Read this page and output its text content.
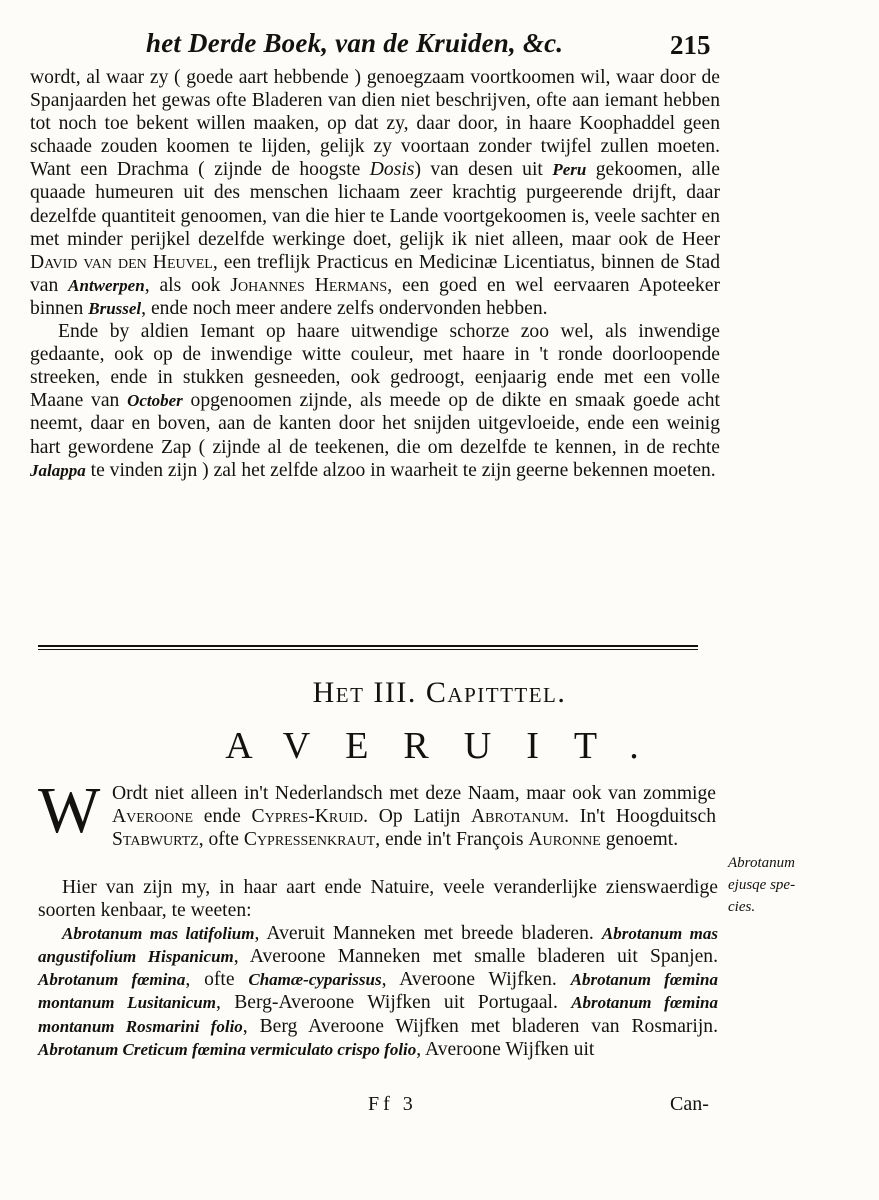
het Derde Boek, van de Kruiden, &c.	215

wordt, al waar zy ( goede aart hebbende ) genoegzaam voortkoomen wil, waar door de Spanjaarden het gewas ofte Bladeren van dien niet beschrijven, ofte aan iemant hebben tot noch toe bekent willen maaken, op dat zy, daar door, in haare Koophaddel geen schaade zouden koomen te lijden, gelijk zy voortaan zonder twijfel zullen moeten. Want een Drachma ( zijnde de hoogste Dosis) van desen uit Peru gekoomen, alle quaade humeuren uit des menschen lichaam zeer krachtig purgeerende drijft, daar dezelfde quantiteit genoomen, van die hier te Lande voortgekoomen is, veele sachter en met minder perijkel dezelfde werkinge doet, gelijk ik niet alleen, maar ook de Heer David van den Heuvel, een treflijk Practicus en Medicinæ Licentiatus, binnen de Stad van Antwerpen, als ook Johannes Hermans, een goed en wel eervaaren Apoteeker binnen Brussel, ende noch meer andere zelfs ondervonden hebben.

Ende by aldien Iemant op haare uitwendige schorze zoo wel, als inwendige gedaante, ook op de inwendige witte couleur, met haare in 't ronde doorloopende streeken, ende in stukken gesneeden, ook gedroogt, eenjaarig ende met een volle Maane van October opgenoomen zijnde, als meede op de dikte en smaak goede acht neemt, daar en boven, aan de kanten door het snijden uitgevloeide, ende een weinig hart gewordene Zap ( zijnde al de teekenen, die om dezelfde te kennen, in de rechte Jalappa te vinden zijn ) zal het zelfde alzoo in waarheit te zijn geerne bekennen moeten.

Het III. Capitttel.
AVERUIT.
W Ordt niet alleen in't Nederlandsch met deze Naam, maar ook van zommige Averoone ende Cypres-Kruid. Op Latijn Abrotanum. In't Hoogduitsch Stabwurtz, ofte Cypressenkraut, ende in't François Auronne genoemt.

Hier van zijn my, in haar aart ende Natuire, veele veranderlijke zienswaerdige soorten kenbaar, te weeten:

Abrotanum mas latifolium, Averuit Manneken met breede bladeren. Abrotanum mas angustifolium Hispanicum, Averoone Manneken met smalle bladeren uit Spanjen. Abrotanum fœmina, ofte Chamæ-cyparissus, Averoone Wijfken. Abrotanum fœmina montanum Lusitanicum, Berg-Averoone Wijfken uit Portugaal. Abrotanum fœmina montanum Rosmarini folio, Berg Averoone Wijfken met bladeren van Rosmarijn. Abrotanum Creticum fœmina vermiculato crispo folio, Averoone Wijfken uit

Abrotanum
ejusqe spe-
cies.
Ff 3	Can-
